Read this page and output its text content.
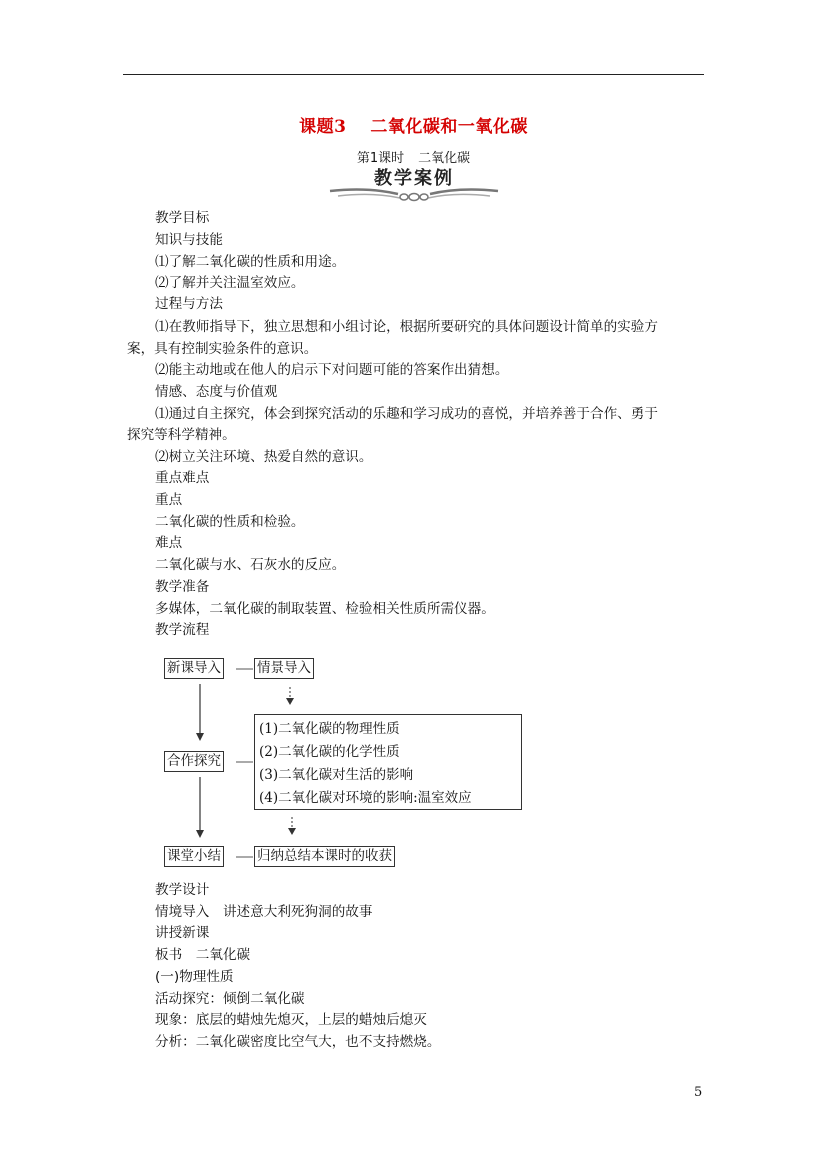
课题3 二氧化碳和一氧化碳
第1课时 二氧化碳
教学案例
教学目标
知识与技能
⑴了解二氧化碳的性质和用途。
⑵了解并关注温室效应。
过程与方法
⑴在教师指导下，独立思想和小组讨论，根据所要研究的具体问题设计简单的实验方
案，具有控制实验条件的意识。
⑵能主动地或在他人的启示下对问题可能的答案作出猜想。
情感、态度与价值观
⑴通过自主探究，体会到探究活动的乐趣和学习成功的喜悦，并培养善于合作、勇于
探究等科学精神。
⑵树立关注环境、热爱自然的意识。
重点难点
重点
二氧化碳的性质和检验。
难点
二氧化碳与水、石灰水的反应。
教学准备
多媒体，二氧化碳的制取装置、检验相关性质所需仪器。
教学流程
新课导入	情景导入
合作探究
(1)二氧化碳的物理性质
(2)二氧化碳的化学性质
(3)二氧化碳对生活的影响
(4)二氧化碳对环境的影响:温室效应
课堂小结	归纳总结本课时的收获
教学设计
情境导入　讲述意大利死狗洞的故事
讲授新课
板书　二氧化碳
(一)物理性质
活动探究：倾倒二氧化碳
现象：底层的蜡烛先熄灭，上层的蜡烛后熄灭
分析：二氧化碳密度比空气大，也不支持燃烧。
5
